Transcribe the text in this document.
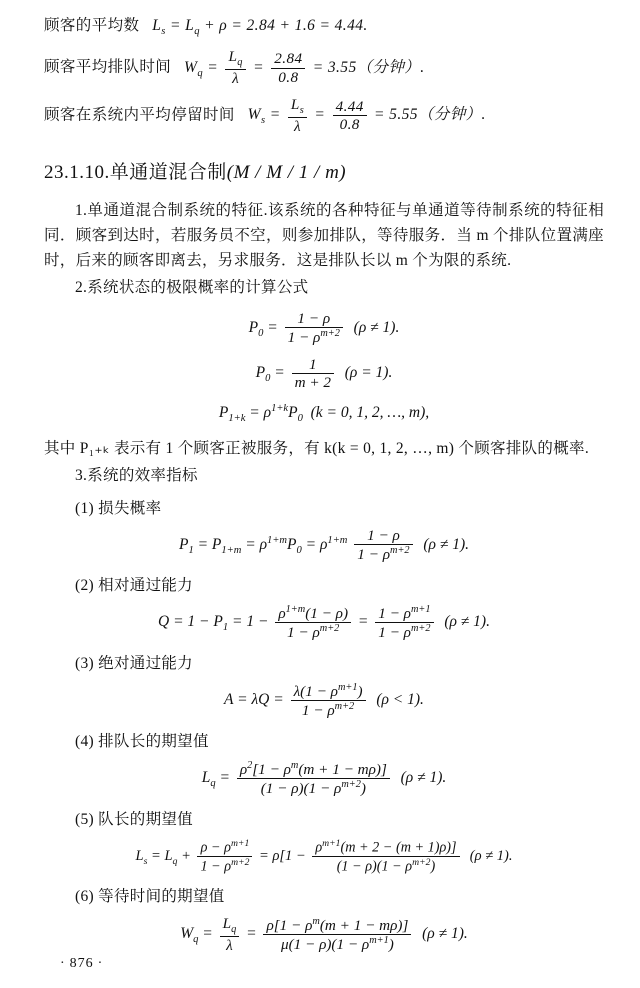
顾客的平均数 $L_s = L_q + \rho = 2.84 + 1.6 = 4.44$.
顾客平均排队时间 $W_q = \frac{L_q}{\lambda} = \frac{2.84}{0.8} = 3.55$（分钟）.
顾客在系统内平均停留时间 $W_s = \frac{L_s}{\lambda} = \frac{4.44}{0.8} = 5.55$（分钟）.
23.1.10.单通道混合制(M / M / 1 / m)
1.单通道混合制系统的特征.该系统的各种特征与单通道等待制系统的特征相同．顾客到达时，若服务员不空，则参加排队，等待服务．当 m 个排队位置满座时，后来的顾客即离去，另求服务．这是排队长以 m 个为限的系统.
2.系统状态的极限概率的计算公式
$P_0 = \frac{1 - \rho}{1 - \rho^{m+2}} (\rho \ne 1)$.
$P_0 = \frac{1}{m + 2} (\rho = 1)$.
$P_{1+k} = \rho^{1+k}P_0$  (k = 0, 1, 2, …, m),
其中 P₁₊ₖ 表示有 1 个顾客正被服务，有 k(k = 0, 1, 2, …, m) 个顾客排队的概率.
3.系统的效率指标
(1) 损失概率
$P_1 = P_{1+m} = \rho^{1+m}P_0 = \rho^{1+m} \frac{1 - \rho}{1 - \rho^{m+2}} (\rho \ne 1)$.
(2) 相对通过能力
$Q = 1 - P_1 = 1 - \frac{\rho^{1+m}(1 - \rho)}{1 - \rho^{m+2}} = \frac{1 - \rho^{m+1}}{1 - \rho^{m+2}} (\rho \ne 1)$.
(3) 绝对通过能力
$A = \lambda Q = \frac{\lambda(1 - \rho^{m+1})}{1 - \rho^{m+2}} (\rho < 1)$.
(4) 排队长的期望值
$L_q = \frac{\rho^2[1 - \rho^m(m + 1 - m\rho)]}{(1 - \rho)(1 - \rho^{m+2})} (\rho \ne 1)$.
(5) 队长的期望值
$L_s = L_q + \frac{\rho - \rho^{m+1}}{1 - \rho^{m+2}} = \rho[1 - \frac{\rho^{m+1}(m + 2 - (m + 1)\rho)]}{(1 - \rho)(1 - \rho^{m+2})} (\rho \ne 1)$.
(6) 等待时间的期望值
$W_q = \frac{L_q}{\lambda} = \frac{\rho[1 - \rho^m(m + 1 - m\rho)]}{\mu(1 - \rho)(1 - \rho^{m+1})} (\rho \ne 1)$.
· 876 ·
